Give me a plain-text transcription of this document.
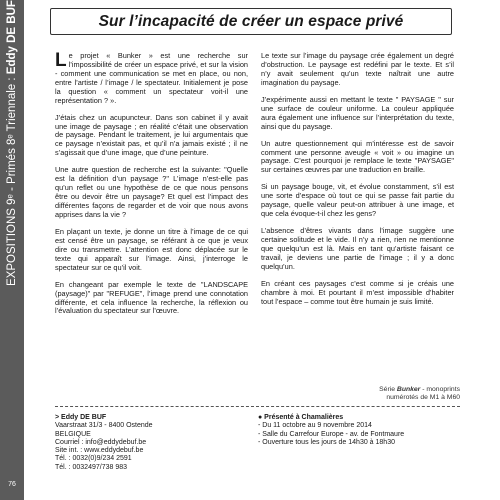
EXPOSITIONS 9ᵉ - Primés 8ᵉ Triennale : Eddy DE BUF
76
Sur l’incapacité de créer un espace privé

Le projet « Bunker » est une recherche sur l’impossibilité de créer un espace privé, et sur la vision - comment une communication se met en place, ou non, entre l’artiste / l’image / le spectateur. Initialement je pose la question « comment un spectateur voit-il une représentation ? ».

J’étais chez un acupuncteur. Dans son cabinet il y avait une image de paysage ; en réalité c’était une observation de paysage. Pendant le traitement, je lui argumentais que ce paysage n’existait pas, et qu’il n’a jamais existé ; il ne s’agissait que d’une image, que d’une peinture.

Une autre question de recherche est la suivante: "Quelle est la définition d’un paysage ?" L’image n’est-elle pas qu’un reflet ou une hypothèse de ce que nous pensons être ou devoir être un paysage? Et quel est l’impact des différentes façons de regarder et de voir que nous avons apprises dans la vie ?

En plaçant un texte, je donne un titre à l’image de ce qui est censé être un paysage, se référant à ce que je veux dire ou transmettre. L’attention est donc déplacée sur le texte qui apparaît sur l’image. Ainsi, j’interroge le spectateur sur ce qu’il voit.

En changeant par exemple le texte de "LANDSCAPE (paysage)" par "REFUGE", l’image prend une connotation différente, et cela influence la recherche, la réflexion ou l’évaluation du spectateur sur l’œuvre.

Le texte sur l’image du paysage crée également un degré d’obstruction. Le paysage est redéfini par le texte. Et s’il n’y avait seulement qu’un texte naîtrait une autre imagination du paysage.

J’expérimente aussi en mettant le texte " PAYSAGE " sur une surface de couleur uniforme. La couleur appliquée aura également une influence sur l’interprétation du texte, ainsi que du paysage.

Un autre questionnement qui m’intéresse est de savoir comment une personne aveugle « voit » ou imagine un paysage. C’est pourquoi je remplace le texte "PAYSAGE" sur certaines œuvres par une traduction en braille.

Si un paysage bouge, vit, et évolue constamment, s’il est une sorte d’espace où tout ce qui se passe fait partie du paysage, quelle valeur peut-on attribuer à une image, et que cela évoque-t-il chez les gens?

L’absence d’êtres vivants dans l’image suggère une certaine solitude et le vide. Il n’y a rien, rien ne mentionne que quelqu’un est là. Mais en tant qu’artiste faisant ce travail, je deviens une partie de l’image ; il y a donc quelqu’un.

En créant ces paysages c’est comme si je créais une chambre à moi. Et pourtant il m’est impossible d’habiter tout l’espace – comme tout être humain je suis limité.

Série Bunker - monoprints
numérotés de M1 à M60
> Eddy DE BUF
Vaarstraat 31/3 - 8400 Ostende
BELGIQUE
Courriel : info@eddydebuf.be
Site int. : www.eddydebuf.be
Tél. : 0032(0)9/234 2591
Tél. : 0032497/738 983
● Présenté à Chamalières
- Du 11 octobre au 9 novembre 2014
- Salle du Carrefour Europe - av. de Fontmaure
- Ouverture tous les jours de 14h30 à 18h30
